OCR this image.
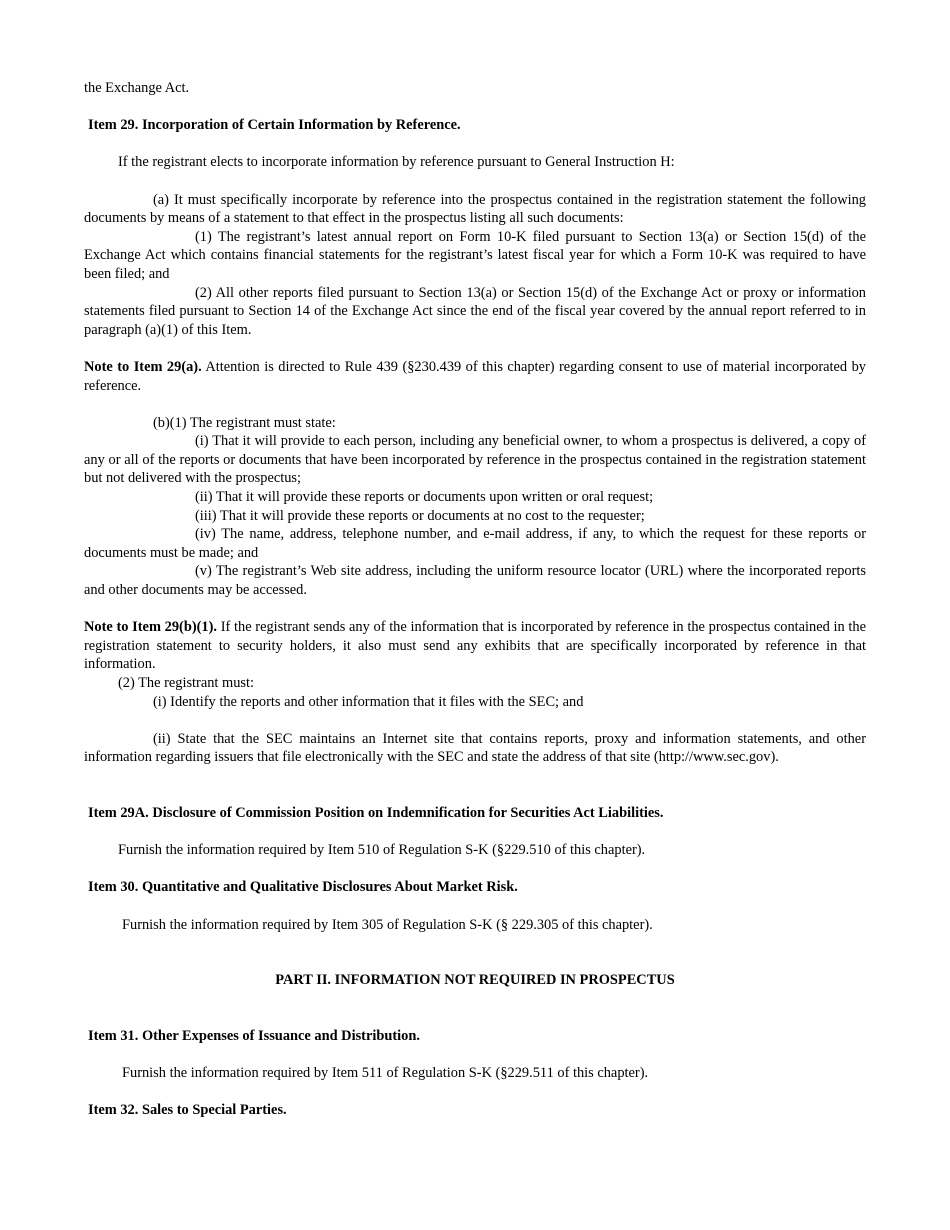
the Exchange Act.

Item 29. Incorporation of Certain Information by Reference.

If the registrant elects to incorporate information by reference pursuant to General Instruction H:

(a) It must specifically incorporate by reference into the prospectus contained in the registration statement the following documents by means of a statement to that effect in the prospectus listing all such documents:

(1) The registrant’s latest annual report on Form 10-K filed pursuant to Section 13(a) or Section 15(d) of the Exchange Act which contains financial statements for the registrant’s latest fiscal year for which a Form 10-K was required to have been filed; and

(2) All other reports filed pursuant to Section 13(a) or Section 15(d) of the Exchange Act or proxy or information statements filed pursuant to Section 14 of the Exchange Act since the end of the fiscal year covered by the annual report referred to in paragraph (a)(1) of this Item.

Note to Item 29(a). Attention is directed to Rule 439 (§230.439 of this chapter) regarding consent to use of material incorporated by reference.

(b)(1) The registrant must state:

(i) That it will provide to each person, including any beneficial owner, to whom a prospectus is delivered, a copy of any or all of the reports or documents that have been incorporated by reference in the prospectus contained in the registration statement but not delivered with the prospectus;

(ii) That it will provide these reports or documents upon written or oral request;

(iii) That it will provide these reports or documents at no cost to the requester;

(iv) The name, address, telephone number, and e-mail address, if any, to which the request for these reports or documents must be made; and

(v) The registrant’s Web site address, including the uniform resource locator (URL) where the incorporated reports and other documents may be accessed.

Note to Item 29(b)(1). If the registrant sends any of the information that is incorporated by reference in the prospectus contained in the registration statement to security holders, it also must send any exhibits that are specifically incorporated by reference in that information.

(2) The registrant must:

(i) Identify the reports and other information that it files with the SEC; and

(ii) State that the SEC maintains an Internet site that contains reports, proxy and information statements, and other information regarding issuers that file electronically with the SEC and state the address of that site (http://www.sec.gov).

Item 29A. Disclosure of Commission Position on Indemnification for Securities Act Liabilities.

Furnish the information required by Item 510 of Regulation S-K (§229.510 of this chapter).

Item 30. Quantitative and Qualitative Disclosures About Market Risk.

Furnish the information required by Item 305 of Regulation S-K (§ 229.305 of this chapter).

PART II. INFORMATION NOT REQUIRED IN PROSPECTUS

Item 31. Other Expenses of Issuance and Distribution.

Furnish the information required by Item 511 of Regulation S-K (§229.511 of this chapter).

Item 32. Sales to Special Parties.
